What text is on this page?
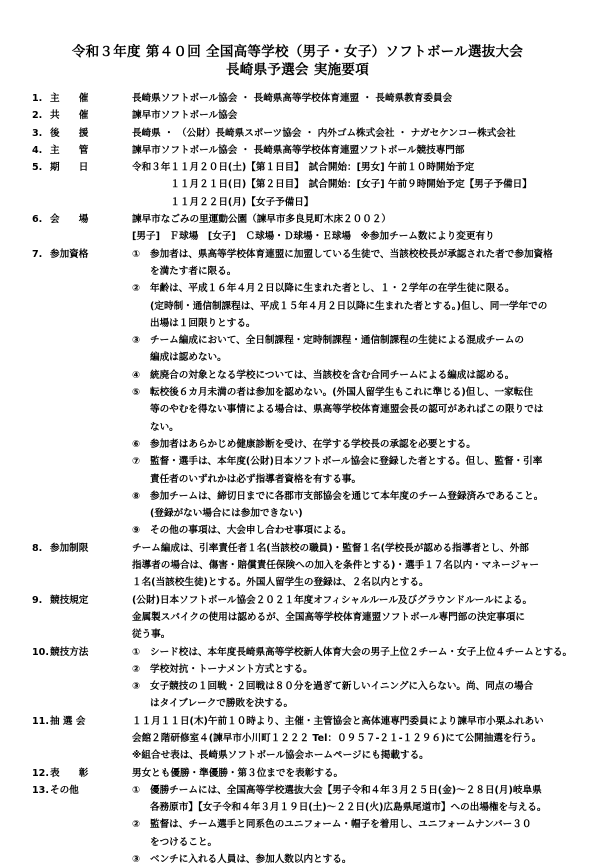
令和３年度 第４０回 全国高等学校（男子・女子）ソフトボール選抜大会
長崎県予選会 実施要項
1. 主　　催	長崎県ソフトボール協会 ・ 長崎県高等学校体育連盟 ・ 長崎県教育委員会
2. 共　　催	諫早市ソフトボール協会
3. 後　　援	長崎県 ・ （公財）長崎県スポーツ協会 ・ 内外ゴム株式会社 ・ ナガセケンコー株式会社
4. 主　　管	諫早市ソフトボール協会 ・ 長崎県高等学校体育連盟ソフトボール競技専門部
5. 期　　日	令和３年１１月２０日(土)【第１日目】　試合開始：[男女] 午前１０時開始予定
　　　　１１月２１日(日)【第２日目】　試合開始：[女子] 午前９時開始予定【男子予備日】
　　　　１１月２２日(月)【女子予備日】
6. 会　　場	諫早市なごみの里運動公園（諫早市多良見町木床２００２）
[男子]　Ｆ球場　[女子]　Ｃ球場・Ｄ球場・Ｅ球場　※参加チーム数により変更有り
7. 参加資格	① 参加者は、県高等学校体育連盟に加盟している生徒で、当該校校長が承認された者で参加資格
を満たす者に限る。
② 年齢は、平成１６年４月２日以降に生まれた者とし、１・２学年の在学生徒に限る。
(定時制・通信制課程は、平成１５年４月２日以降に生まれた者とする。)但し、同一学年での
出場は１回限りとする。
③ チーム編成において、全日制課程・定時制課程・通信制課程の生徒による混成チームの
編成は認めない。
④ 統廃合の対象となる学校については、当該校を含む合同チームによる編成は認める。
⑤ 転校後６カ月未満の者は参加を認めない。(外国人留学生もこれに準じる)但し、一家転住
等のやむを得ない事情による場合は、県高等学校体育連盟会長の認可があればこの限りでは
ない。
⑥ 参加者はあらかじめ健康診断を受け、在学する学校長の承認を必要とする。
⑦ 監督・選手は、本年度(公財)日本ソフトボール協会に登録した者とする。但し、監督・引率
責任者のいずれかは必ず指導者資格を有する事。
⑧ 参加チームは、締切日までに各郡市支部協会を通じて本年度のチーム登録済みであること。
(登録がない場合には参加できない)
⑨ その他の事項は、大会申し合わせ事項による。
8. 参加制限	チーム編成は、引率責任者１名(当該校の職員)・監督１名(学校長が認める指導者とし、外部
指導者の場合は、傷害・賠償責任保険への加入を条件とする)・選手１７名以内・マネージャー
１名(当該校生徒)とする。外国人留学生の登録は、２名以内とする。
9. 競技規定	(公財)日本ソフトボール協会２０２１年度オフィシャルルール及びグラウンドルールによる。
金属製スパイクの使用は認めるが、全国高等学校体育連盟ソフトボール専門部の決定事項に
従う事。
10.競技方法	① シード校は、本年度長崎県高等学校新人体育大会の男子上位２チーム・女子上位４チームとする。
② 学校対抗・トーナメント方式とする。
③ 女子競技の１回戦・２回戦は８０分を過ぎて新しいイニングに入らない。尚、同点の場合
はタイブレークで勝敗を決する。
11.抽 選 会	１１月１１日(木)午前１０時より、主催・主管協会と高体連専門委員により諫早市小栗ふれあい
会館２階研修室４(諫早市小川町１２２２ Tel：０９５７-２１-１２９６)にて公開抽選を行う。
※組合せ表は、長崎県ソフトボール協会ホームページにも掲載する。
12.表　　彰	男女とも優勝・準優勝・第３位までを表彰する。
13.その他	① 優勝チームには、全国高等学校選抜大会【男子令和４年３月２５日(金)～２８日(月)岐阜県
各務原市】【女子令和４年３月１９日(土)～２２日(火)広島県尾道市】への出場権を与える。
② 監督は、チーム選手と同系色のユニフォーム・帽子を着用し、ユニフォームナンバー３０
をつけること。
③ ベンチに入れる人員は、参加人数以内とする。
